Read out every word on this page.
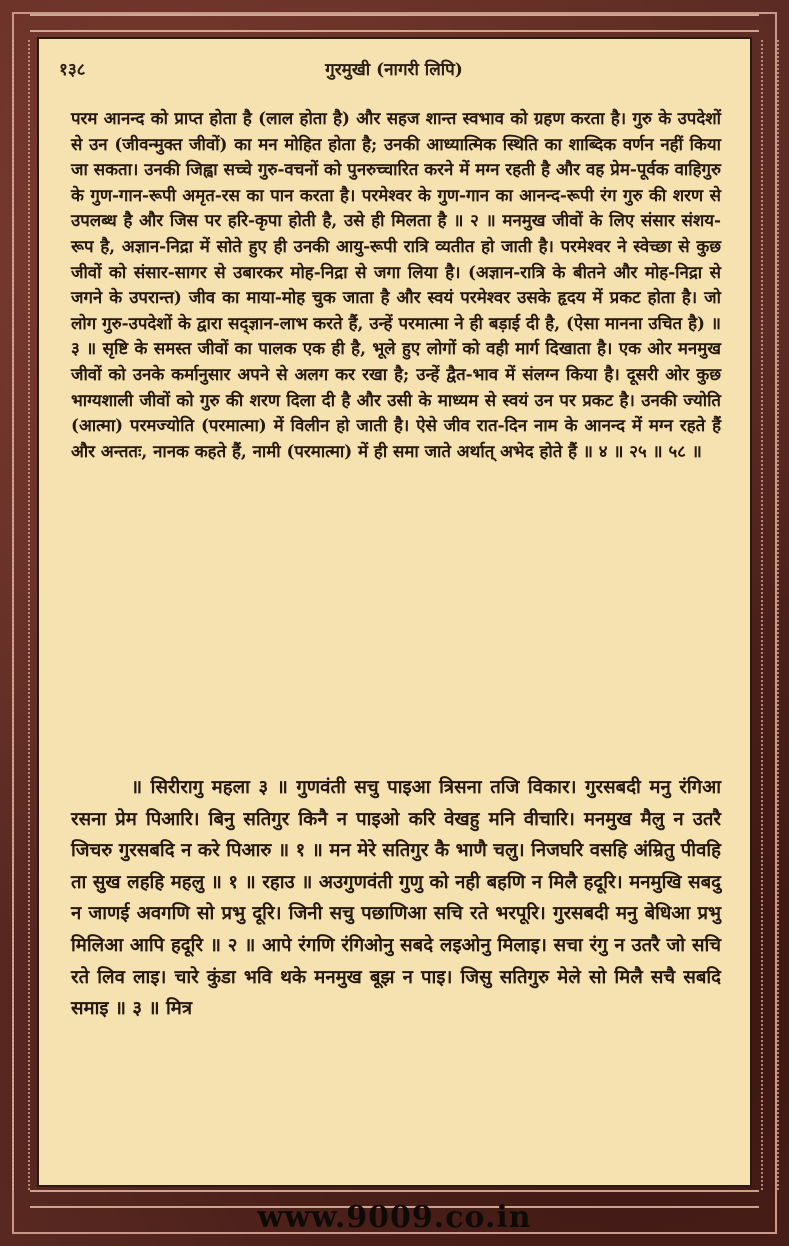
गुरमुखी (नागरी लिपि)
१३८
परम आनन्द को प्राप्त होता है (लाल होता है) और सहज शान्त स्वभाव को ग्रहण करता है। गुरु के उपदेशों से उन (जीवन्मुक्त जीवों) का मन मोहित होता है; उनकी आध्यात्मिक स्थिति का शाब्दिक वर्णन नहीं किया जा सकता। उनकी जिह्वा सच्चे गुरु-वचनों को पुनरुच्चारित करने में मग्न रहती है और वह प्रेम-पूर्वक वाहिगुरु के गुण-गान-रूपी अमृत-रस का पान करता है। परमेश्वर के गुण-गान का आनन्द-रूपी रंग गुरु की शरण से उपलब्ध है और जिस पर हरि-कृपा होती है, उसे ही मिलता है ॥ २ ॥ मनमुख जीवों के लिए संसार संशय-रूप है, अज्ञान-निद्रा में सोते हुए ही उनकी आयु-रूपी रात्रि व्यतीत हो जाती है। परमेश्वर ने स्वेच्छा से कुछ जीवों को संसार-सागर से उबारकर मोह-निद्रा से जगा लिया है। (अज्ञान-रात्रि के बीतने और मोह-निद्रा से जगने के उपरान्त) जीव का माया-मोह चुक जाता है और स्वयं परमेश्वर उसके हृदय में प्रकट होता है। जो लोग गुरु-उपदेशों के द्वारा सद्ज्ञान-लाभ करते हैं, उन्हें परमात्मा ने ही बड़ाई दी है, (ऐसा मानना उचित है) ॥ ३ ॥ सृष्टि के समस्त जीवों का पालक एक ही है, भूले हुए लोगों को वही मार्ग दिखाता है। एक ओर मनमुख जीवों को उनके कर्मानुसार अपने से अलग कर रखा है; उन्हें द्वैत-भाव में संलग्न किया है। दूसरी ओर कुछ भाग्यशाली जीवों को गुरु की शरण दिला दी है और उसी के माध्यम से स्वयं उन पर प्रकट है। उनकी ज्योति (आत्मा) परमज्योति (परमात्मा) में विलीन हो जाती है। ऐसे जीव रात-दिन नाम के आनन्द में मग्न रहते हैं और अन्ततः, नानक कहते हैं, नामी (परमात्मा) में ही समा जाते अर्थात् अभेद होते हैं ॥ ४ ॥ २५ ॥ ५८ ॥
॥ सिरीरागु महला ३ ॥ गुणवंती सचु पाइआ त्रिसना तजि विकार। गुरसबदी मनु रंगिआ रसना प्रेम पिआरि। बिनु सतिगुर किनै न पाइओ करि वेखहु मनि वीचारि। मनमुख मैलु न उतरै जिचरु गुरसबदि न करे पिआरु ॥ १ ॥ मन मेरे सतिगुर कै भाणै चलु। निजघरि वसहि अंम्रितु पीवहि ता सुख लहहि महलु ॥ १ ॥ रहाउ ॥ अउगुणवंती गुणु को नही बहणि न मिलै हदूरि। मनमुखि सबदु न जाणई अवगणि सो प्रभु दूरि। जिनी सचु पछाणिआ सचि रते भरपूरि। गुरसबदी मनु बेधिआ प्रभु मिलिआ आपि हदूरि ॥ २ ॥ आपे रंगणि रंगिओनु सबदे लइओनु मिलाइ। सचा रंगु न उतरै जो सचि रते लिव लाइ। चारे कुंडा भवि थके मनमुख बूझ न पाइ। जिसु सतिगुरु मेले सो मिलै सचै सबदि समाइ ॥ ३ ॥ मित्र
www.9009.co.in
